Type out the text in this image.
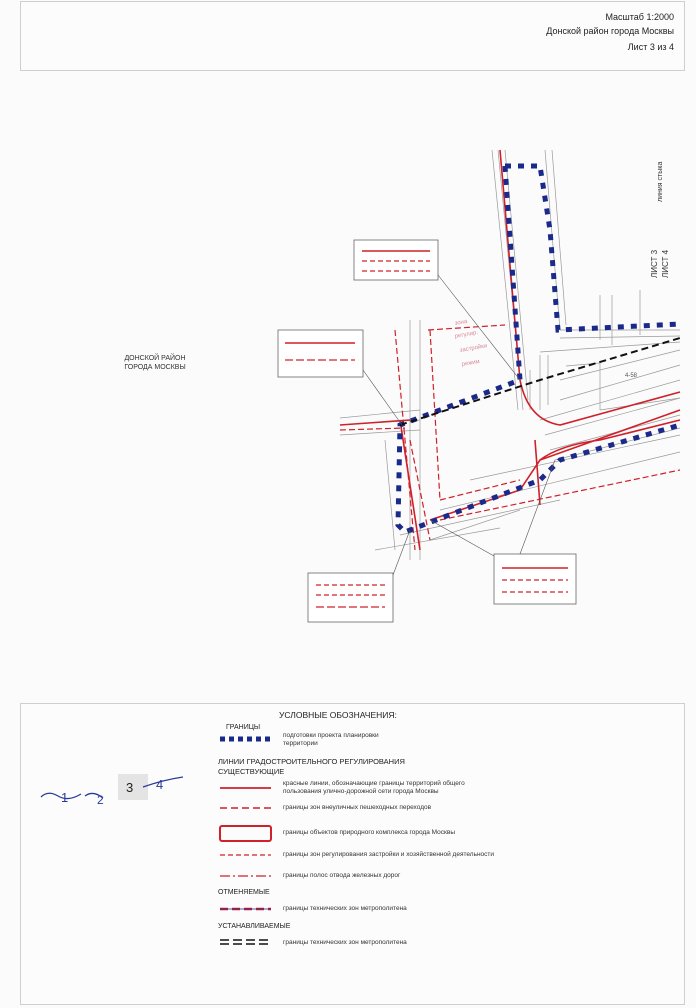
Масштаб 1:2000
Донской район города Москвы
Лист 3 из 4
ДОНСКОЙ РАЙОН
ГОРОДА МОСКВЫ
линия стыка
ЛИСТ 3 ЛИСТ 4
зона
регулир.
застройки
режим
4-58
УСЛОВНЫЕ ОБОЗНАЧЕНИЯ:
ГРАНИЦЫ
подготовки проекта планировки
территории
ЛИНИИ ГРАДОСТРОИТЕЛЬНОГО РЕГУЛИРОВАНИЯ
СУЩЕСТВУЮЩИЕ
красные линии, обозначающие границы территорий общего
пользования улично-дорожной сети города Москвы
границы зон внеуличных пешеходных переходов
границы объектов природного комплекса города Москвы
границы зон регулирования застройки и хозяйственной деятельности
границы полос отвода железных дорог
ОТМЕНЯЕМЫЕ
границы технических зон метрополитена
УСТАНАВЛИВАЕМЫЕ
границы технических зон метрополитена
1 2
3 4
